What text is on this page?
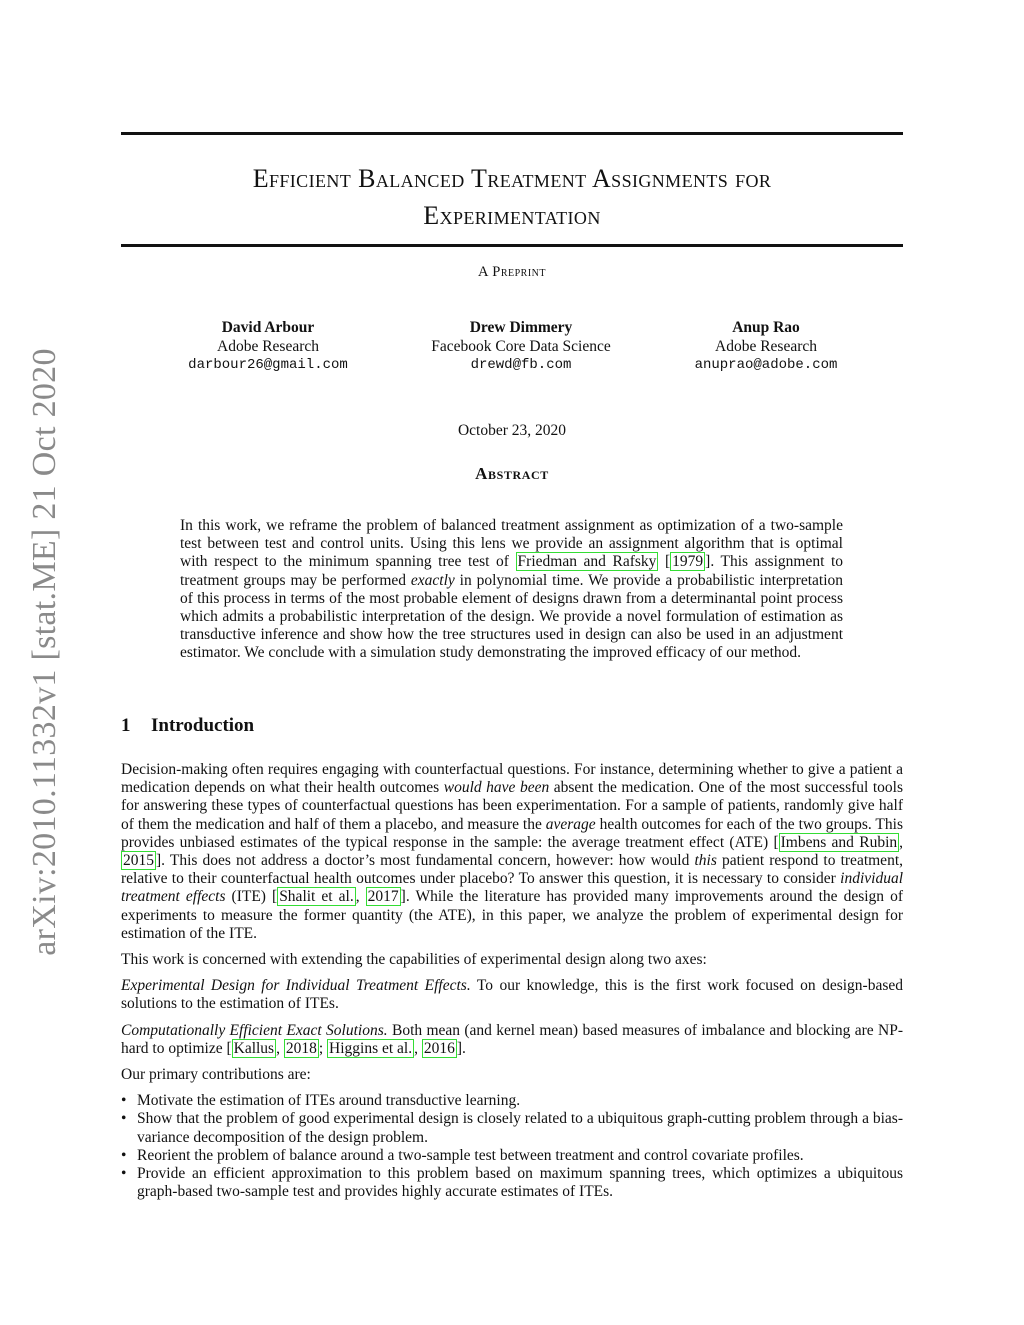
arXiv:2010.11332v1 [stat.ME] 21 Oct 2020
Efficient Balanced Treatment Assignments for
Experimentation
A Preprint
David Arbour
Adobe Research
darbour26@gmail.com
Drew Dimmery
Facebook Core Data Science
drewd@fb.com
Anup Rao
Adobe Research
anuprao@adobe.com
October 23, 2020
Abstract
In this work, we reframe the problem of balanced treatment assignment as optimization of a two-sample test between test and control units. Using this lens we provide an assignment algorithm that is optimal with respect to the minimum spanning tree test of Friedman and Rafsky [ 1979 ]. This assignment to treatment groups may be performed exactly in polynomial time. We provide a probabilistic interpretation of this process in terms of the most probable element of designs drawn from a determinantal point process which admits a probabilistic interpretation of the design. We provide a novel formulation of estimation as transductive inference and show how the tree structures used in design can also be used in an adjustment estimator. We conclude with a simulation study demonstrating the improved efficacy of our method.
1 Introduction

Decision-making often requires engaging with counterfactual questions. For instance, determining whether to give a patient a medication depends on what their health outcomes would have been absent the medication. One of the most successful tools for answering these types of counterfactual questions has been experimentation. For a sample of patients, randomly give half of them the medication and half of them a placebo, and measure the average health outcomes for each of the two groups. This provides unbiased estimates of the typical response in the sample: the average treatment effect (ATE) [ Imbens and Rubin , 2015 ]. This does not address a doctor’s most fundamental concern, however: how would this patient respond to treatment, relative to their counterfactual health outcomes under placebo? To answer this question, it is necessary to consider individual treatment effects (ITE) [ Shalit et al. , 2017 ]. While the literature has provided many improvements around the design of experiments to measure the former quantity (the ATE), in this paper, we analyze the problem of experimental design for estimation of the ITE.

This work is concerned with extending the capabilities of experimental design along two axes:

Experimental Design for Individual Treatment Effects. To our knowledge, this is the first work focused on design-based solutions to the estimation of ITEs.

Computationally Efficient Exact Solutions. Both mean (and kernel mean) based measures of imbalance and blocking are NP-hard to optimize [ Kallus , 2018 ; Higgins et al. , 2016 ].

Our primary contributions are:

• Motivate the estimation of ITEs around transductive learning.
• Show that the problem of good experimental design is closely related to a ubiquitous graph-cutting problem through a bias-variance decomposition of the design problem.
• Reorient the problem of balance around a two-sample test between treatment and control covariate profiles.
• Provide an efficient approximation to this problem based on maximum spanning trees, which optimizes a ubiquitous graph-based two-sample test and provides highly accurate estimates of ITEs.
